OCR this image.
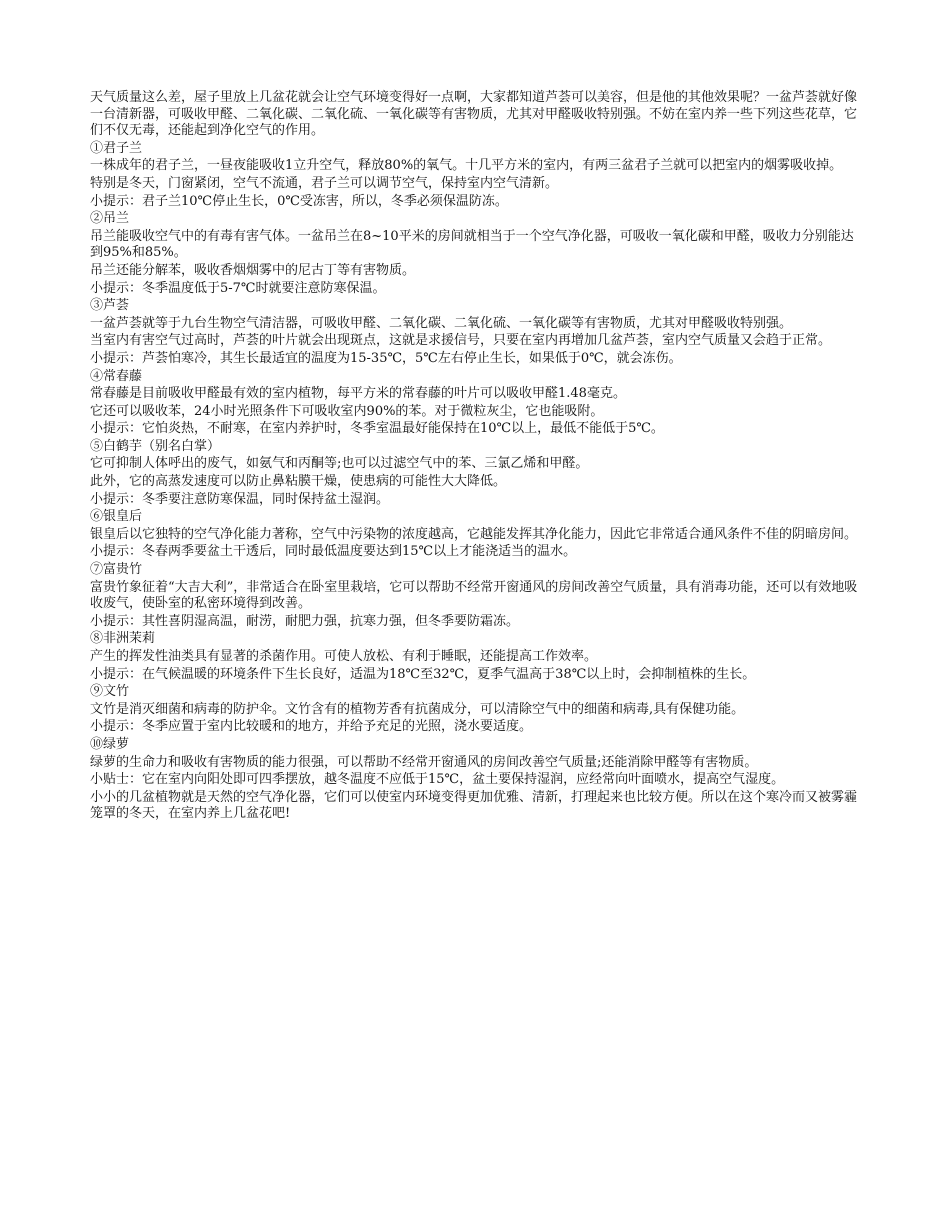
天气质量这么差，屋子里放上几盆花就会让空气环境变得好一点啊，大家都知道芦荟可以美容，但是他的其他效果呢？一盆芦荟就好像一台清新器，可吸收甲醛、二氧化碳、二氧化硫、一氧化碳等有害物质，尤其对甲醛吸收特别强。不妨在室内养一些下列这些花草，它们不仅无毒，还能起到净化空气的作用。

①君子兰

一株成年的君子兰，一昼夜能吸收1立升空气，释放80%的氧气。十几平方米的室内，有两三盆君子兰就可以把室内的烟雾吸收掉。

特别是冬天，门窗紧闭，空气不流通，君子兰可以调节空气，保持室内空气清新。

小提示：君子兰10℃停止生长，0℃受冻害，所以，冬季必须保温防冻。

②吊兰

吊兰能吸收空气中的有毒有害气体。一盆吊兰在8~10平米的房间就相当于一个空气净化器，可吸收一氧化碳和甲醛，吸收力分别能达到95%和85%。

吊兰还能分解苯，吸收香烟烟雾中的尼古丁等有害物质。

小提示：冬季温度低于5-7℃时就要注意防寒保温。

③芦荟

一盆芦荟就等于九台生物空气清洁器，可吸收甲醛、二氧化碳、二氧化硫、一氧化碳等有害物质，尤其对甲醛吸收特别强。

当室内有害空气过高时，芦荟的叶片就会出现斑点，这就是求援信号，只要在室内再增加几盆芦荟，室内空气质量又会趋于正常。

小提示：芦荟怕寒冷，其生长最适宜的温度为15-35℃，5℃左右停止生长，如果低于0℃，就会冻伤。

④常春藤

常春藤是目前吸收甲醛最有效的室内植物，每平方米的常春藤的叶片可以吸收甲醛1.48毫克。

它还可以吸收苯，24小时光照条件下可吸收室内90%的苯。对于微粒灰尘，它也能吸附。

小提示：它怕炎热，不耐寒，在室内养护时，冬季室温最好能保持在10℃以上，最低不能低于5℃。

⑤白鹤芋（别名白掌）

它可抑制人体呼出的废气，如氨气和丙酮等;也可以过滤空气中的苯、三氯乙烯和甲醛。

此外，它的高蒸发速度可以防止鼻粘膜干燥，使患病的可能性大大降低。

小提示：冬季要注意防寒保温，同时保持盆土湿润。

⑥银皇后

银皇后以它独特的空气净化能力著称，空气中污染物的浓度越高，它越能发挥其净化能力，因此它非常适合通风条件不佳的阴暗房间。

小提示：冬春两季要盆土干透后，同时最低温度要达到15℃以上才能浇适当的温水。

⑦富贵竹

富贵竹象征着“大吉大利”，非常适合在卧室里栽培，它可以帮助不经常开窗通风的房间改善空气质量，具有消毒功能，还可以有效地吸收废气，使卧室的私密环境得到改善。

小提示：其性喜阴湿高温，耐涝，耐肥力强，抗寒力强，但冬季要防霜冻。

⑧非洲茉莉

产生的挥发性油类具有显著的杀菌作用。可使人放松、有利于睡眠，还能提高工作效率。

小提示：在气候温暖的环境条件下生长良好，适温为18℃至32℃，夏季气温高于38℃以上时，会抑制植株的生长。

⑨文竹

文竹是消灭细菌和病毒的防护伞。文竹含有的植物芳香有抗菌成分，可以清除空气中的细菌和病毒,具有保健功能。

小提示：冬季应置于室内比较暖和的地方，并给予充足的光照，浇水要适度。

⑩绿萝

绿萝的生命力和吸收有害物质的能力很强，可以帮助不经常开窗通风的房间改善空气质量;还能消除甲醛等有害物质。

小贴士：它在室内向阳处即可四季摆放，越冬温度不应低于15℃，盆土要保持湿润，应经常向叶面喷水，提高空气湿度。

小小的几盆植物就是天然的空气净化器，它们可以使室内环境变得更加优雅、清新，打理起来也比较方便。所以在这个寒冷而又被雾霾笼罩的冬天，在室内养上几盆花吧!
